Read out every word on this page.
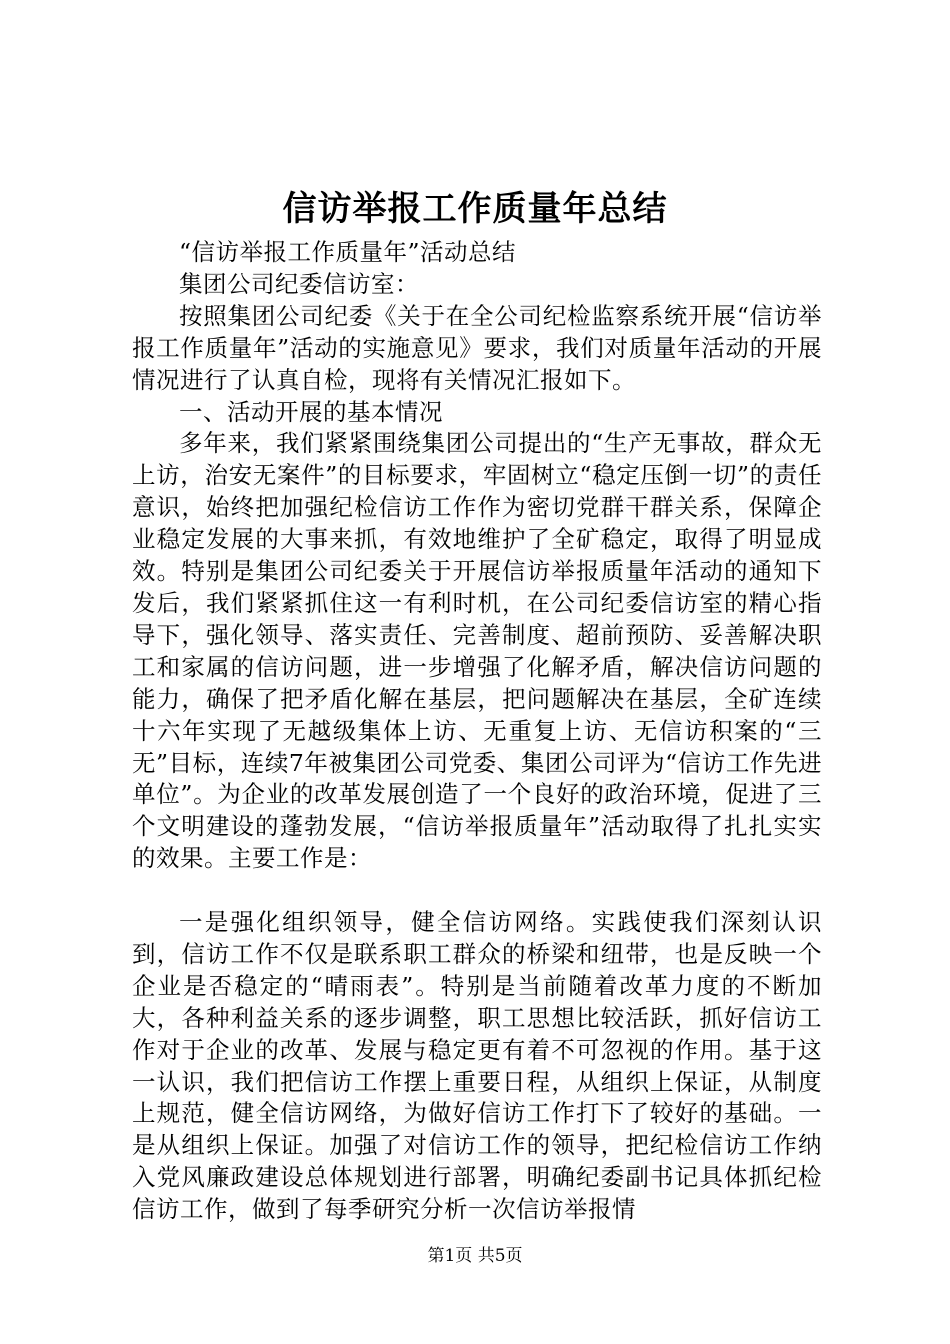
信访举报工作质量年总结

“信访举报工作质量年”活动总结

集团公司纪委信访室：

按照集团公司纪委《关于在全公司纪检监察系统开展“信访举报工作质量年”活动的实施意见》要求，我们对质量年活动的开展情况进行了认真自检，现将有关情况汇报如下。

一、活动开展的基本情况

多年来，我们紧紧围绕集团公司提出的“生产无事故，群众无上访，治安无案件”的目标要求，牢固树立“稳定压倒一切”的责任意识，始终把加强纪检信访工作作为密切党群干群关系，保障企业稳定发展的大事来抓，有效地维护了全矿稳定，取得了明显成效。特别是集团公司纪委关于开展信访举报质量年活动的通知下发后，我们紧紧抓住这一有利时机，在公司纪委信访室的精心指导下，强化领导、落实责任、完善制度、超前预防、妥善解决职工和家属的信访问题，进一步增强了化解矛盾，解决信访问题的能力，确保了把矛盾化解在基层，把问题解决在基层，全矿连续十六年实现了无越级集体上访、无重复上访、无信访积案的“三无”目标，连续7年被集团公司党委、集团公司评为“信访工作先进单位”。为企业的改革发展创造了一个良好的政治环境，促进了三个文明建设的蓬勃发展，“信访举报质量年”活动取得了扎扎实实的效果。主要工作是：

一是强化组织领导，健全信访网络。实践使我们深刻认识到，信访工作不仅是联系职工群众的桥梁和纽带，也是反映一个企业是否稳定的“晴雨表”。特别是当前随着改革力度的不断加大，各种利益关系的逐步调整，职工思想比较活跃，抓好信访工作对于企业的改革、发展与稳定更有着不可忽视的作用。基于这一认识，我们把信访工作摆上重要日程，从组织上保证，从制度上规范，健全信访网络，为做好信访工作打下了较好的基础。一是从组织上保证。加强了对信访工作的领导，把纪检信访工作纳入党风廉政建设总体规划进行部署，明确纪委副书记具体抓纪检信访工作，做到了每季研究分析一次信访举报情

第1页 共5页
